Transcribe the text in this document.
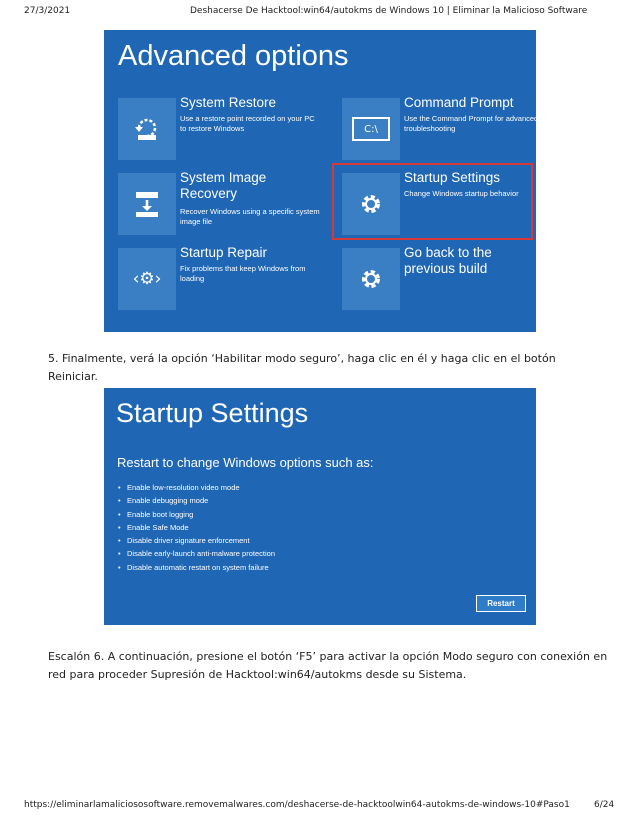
27/3/2021	Deshacerse De Hacktool:win64/autokms de Windows 10 | Eliminar la Malicioso Software
Advanced options
System Restore
Use a restore point recorded on your PC to restore Windows	C:\
Command Prompt
Use the Command Prompt for advanced troubleshooting
System Image Recovery
Recover Windows using a specific system image file
Startup Settings
Change Windows startup behavior
‹⚙›
Startup Repair
Fix problems that keep Windows from loading
Go back to the previous build
5. Finalmente, verá la opción ‘Habilitar modo seguro’, haga clic en él y haga clic en el botón Reiniciar.
Startup Settings
Restart to change Windows options such as:
• Enable low-resolution video mode
• Enable debugging mode
• Enable boot logging
• Enable Safe Mode
• Disable driver signature enforcement
• Disable early-launch anti-malware protection
• Disable automatic restart on system failure
Restart
Escalón 6. A continuación, presione el botón ‘F5’ para activar la opción Modo seguro con conexión en red para proceder Supresión de Hacktool:win64/autokms desde su Sistema.
https://eliminarlamaliciososoftware.removemalwares.com/deshacerse-de-hacktoolwin64-autokms-de-windows-10#Paso1	6/24
